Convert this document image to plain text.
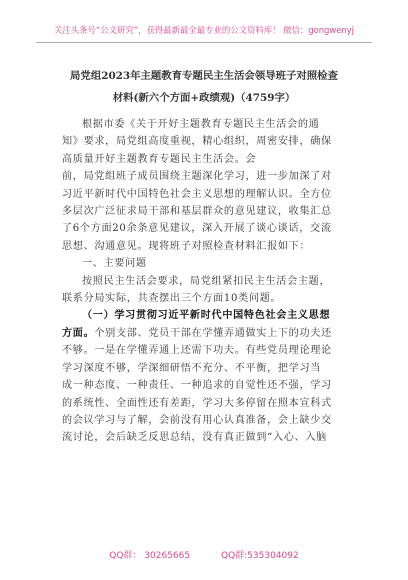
关注头条号“公文研究”，获得最新最全最专业的公文资料库！ 微信：gongwenyj
局党组2023年主题教育专题民主生活会领导班子对照检查
材料(新六个方面+政绩观)（4759字）
根据市委《关于开好主题教育专题民主生活会的通
知》要求，局党组高度重视，精心组织，周密安排，确保
高质量开好主题教育专题民主生活会。会
前，局党组班子成员围绕主题深化学习，进一步加深了对
习近平新时代中国特色社会主义思想的理解认识。全方位
多层次广泛征求局干部和基层群众的意见建议，收集汇总
了6个方面20余条意见建议，深入开展了谈心谈话，交流
思想、沟通意见。现将班子对照检查材料汇报如下：
一、主要问题
按照民主生活会要求，局党组紧扣民主生活会主题，
联系分局实际，共查摆出三个方面10类问题。
（一）学习贯彻习近平新时代中国特色社会主义思想
方面。个别支部、党员干部在学懂弄通做实上下的功夫还
不够。一是在学懂弄通上还需下功夫。有些党员理论理论
学习深度不够，学深细研悟不充分、不平衡，把学习当
成一种态度、一种责任、一种追求的自觉性还不强，学习
的系统性、全面性还有差距，学习大多停留在照本宣科式
的会议学习与了解，会前没有用心认真准备，会上缺少交
流讨论，会后缺乏反思总结，没有真正做到“入心、入脑
QQ群： 30265665	QQ群:535304092
